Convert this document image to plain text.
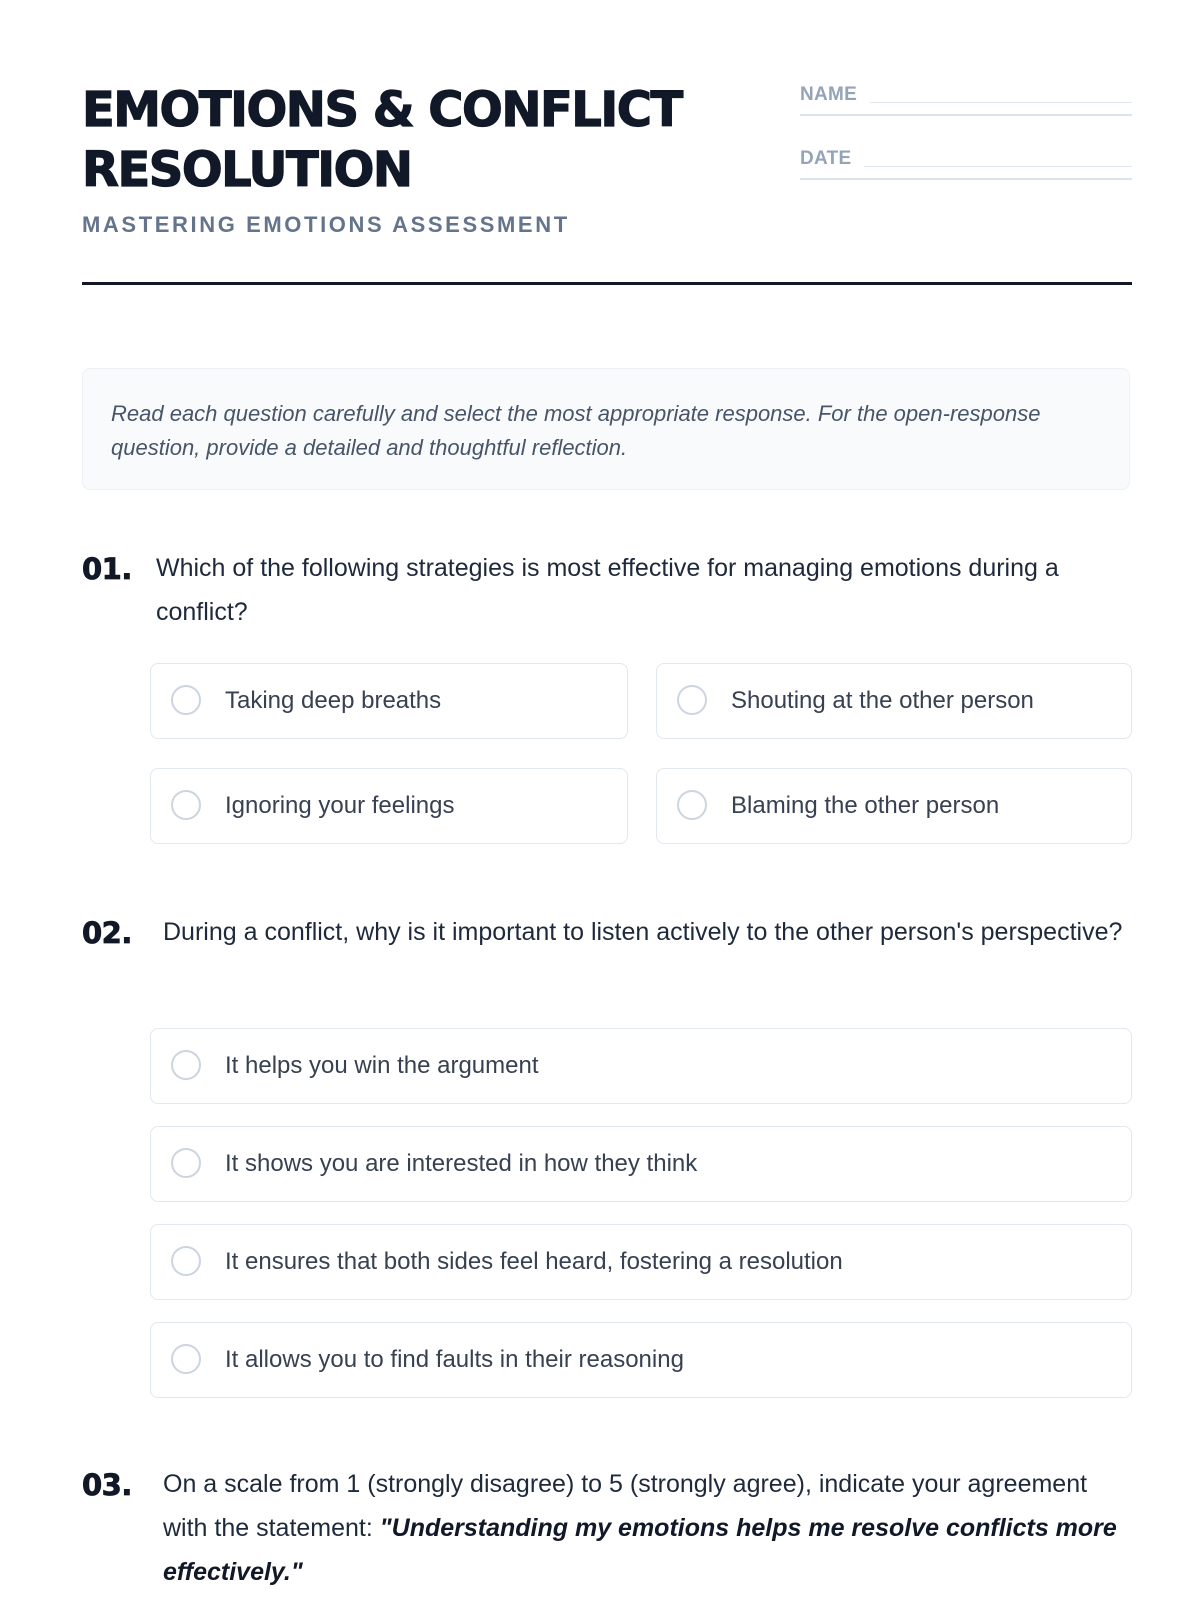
EMOTIONS & CONFLICT
RESOLUTION
MASTERING EMOTIONS ASSESSMENT
NAME
DATE
Read each question carefully and select the most appropriate response. For the open-response question, provide a detailed and thoughtful reflection.
01. Which of the following strategies is most effective for managing emotions during a conflict?
Taking deep breaths	Shouting at the other person
Ignoring your feelings	Blaming the other person
02. During a conflict, why is it important to listen actively to the other person's perspective?
It helps you win the argument
It shows you are interested in how they think
It ensures that both sides feel heard, fostering a resolution
It allows you to find faults in their reasoning
03. On a scale from 1 (strongly disagree) to 5 (strongly agree), indicate your agreement with the statement: "Understanding my emotions helps me resolve conflicts more effectively."
